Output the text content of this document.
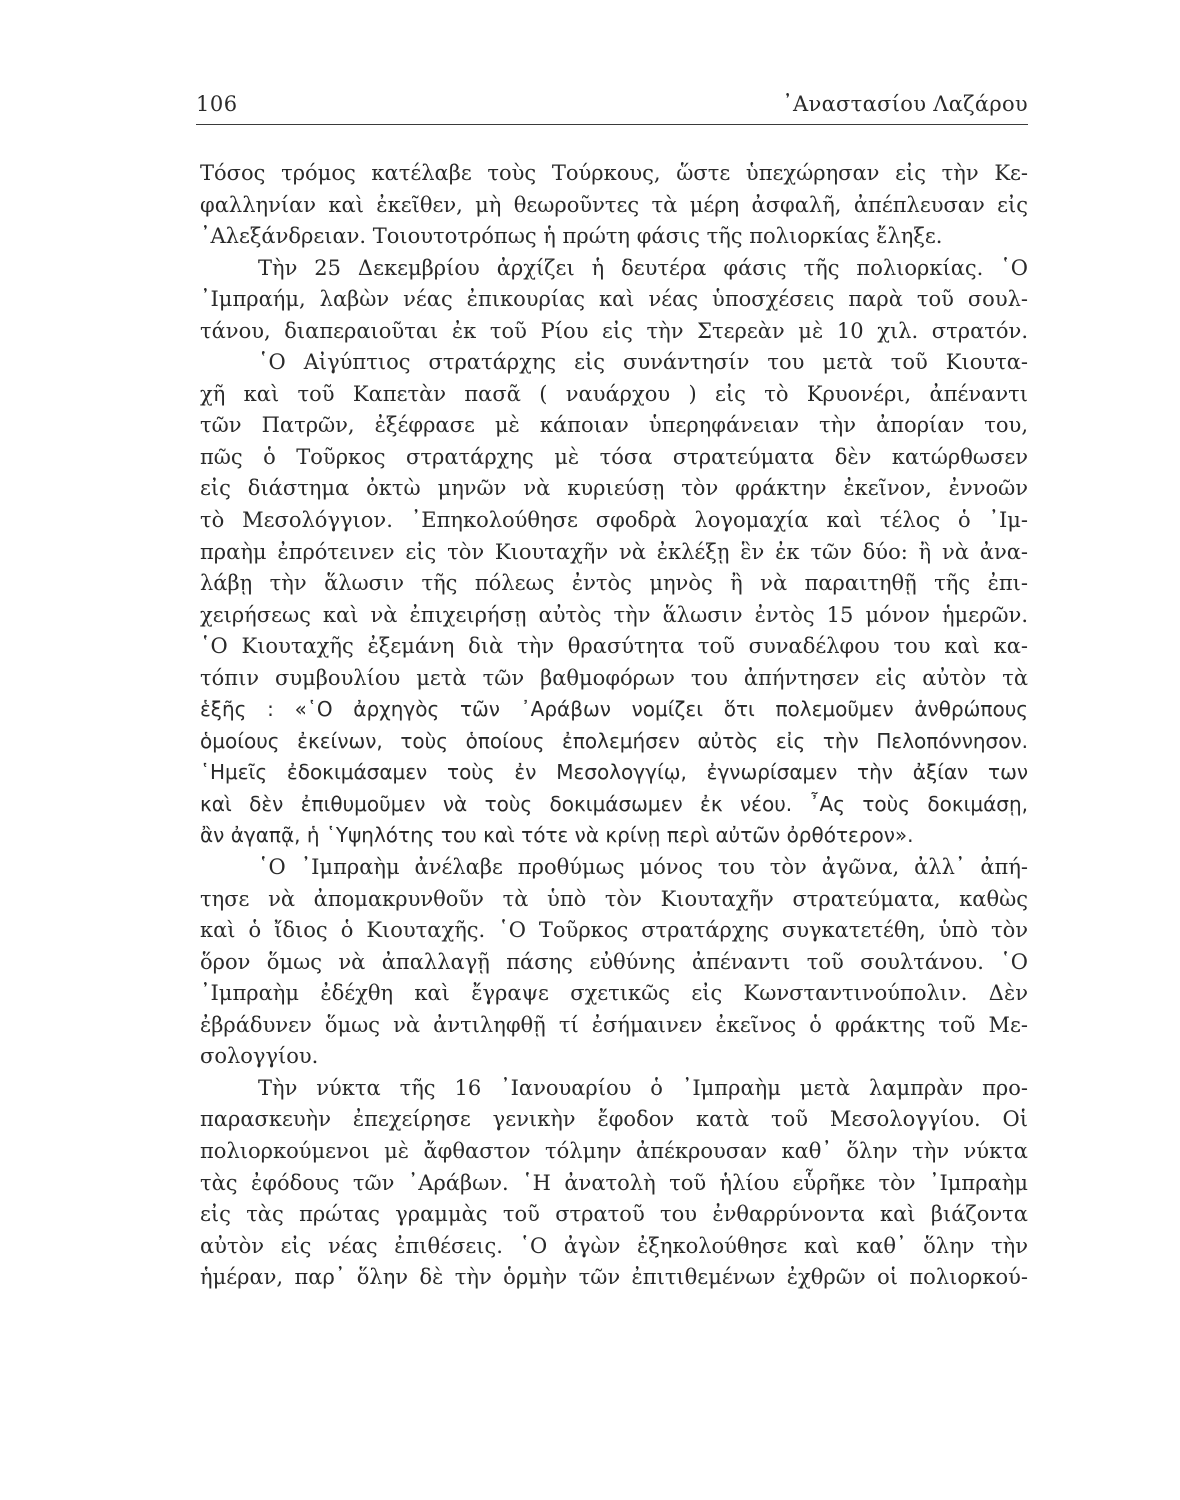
106	᾿Αναστασίου Λαζάρου
Τόσος τρόμος κατέλαβε τοὺς Τούρκους, ὥστε ὑπεχώρησαν εἰς τὴν Κε-
φαλληνίαν καὶ ἐκεῖθεν, μὴ θεωροῦντες τὰ μέρη ἀσφαλῆ, ἀπέπλευσαν εἰς
᾿Αλεξάνδρειαν. Τοιουτοτρόπως ἡ πρώτη φάσις τῆς πολιορκίας ἔληξε.
Τὴν 25 Δεκεμβρίου ἀρχίζει ἡ δευτέρα φάσις τῆς πολιορκίας. ῾Ο
᾿Ιμπραήμ, λαβὼν νέας ἐπικουρίας καὶ νέας ὑποσχέσεις παρὰ τοῦ σουλ-
τάνου, διαπεραιοῦται ἐκ τοῦ Ρίου εἰς τὴν Στερεὰν μὲ 10 χιλ. στρατόν.
῾Ο Αἰγύπτιος στρατάρχης εἰς συνάντησίν του μετὰ τοῦ Κιουτα-
χῆ καὶ τοῦ Καπετὰν πασᾶ ( ναυάρχου ) εἰς τὸ Κρυονέρι, ἀπέναντι
τῶν Πατρῶν, ἐξέφρασε μὲ κάποιαν ὑπερηφάνειαν τὴν ἀπορίαν του,
πῶς ὁ Τοῦρκος στρατάρχης μὲ τόσα στρατεύματα δὲν κατώρθωσεν
εἰς διάστημα ὀκτὼ μηνῶν νὰ κυριεύσῃ τὸν φράκτην ἐκεῖνον, ἐννοῶν
τὸ Μεσολόγγιον. ᾿Επηκολούθησε σφοδρὰ λογομαχία καὶ τέλος ὁ ᾿Ιμ-
πραὴμ ἐπρότεινεν εἰς τὸν Κιουταχῆν νὰ ἐκλέξῃ ἓν ἐκ τῶν δύο: ἢ νὰ ἀνα-
λάβῃ τὴν ἅλωσιν τῆς πόλεως ἐντὸς μηνὸς ἢ νὰ παραιτηθῇ τῆς ἐπι-
χειρήσεως καὶ νὰ ἐπιχειρήσῃ αὐτὸς τὴν ἅλωσιν ἐντὸς 15 μόνον ἡμερῶν.
῾Ο Κιουταχῆς ἐξεμάνη διὰ τὴν θρασύτητα τοῦ συναδέλφου του καὶ κα-
τόπιν συμβουλίου μετὰ τῶν βαθμοφόρων του ἀπήντησεν εἰς αὐτὸν τὰ
ἑξῆς : «῾Ο ἀρχηγὸς τῶν ᾿Αράβων νομίζει ὅτι πολεμοῦμεν ἀνθρώπους
ὁμοίους ἐκείνων, τοὺς ὁποίους ἐπολεμήσεν αὐτὸς εἰς τὴν Πελοπόννησον.
῾Ημεῖς ἐδοκιμάσαμεν τοὺς ἐν Μεσολογγίῳ, ἐγνωρίσαμεν τὴν ἀξίαν των
καὶ δὲν ἐπιθυμοῦμεν νὰ τοὺς δοκιμάσωμεν ἐκ νέου. ῏Ας τοὺς δοκιμάσῃ,
ἂν ἀγαπᾷ, ἡ ῾Υψηλότης του καὶ τότε νὰ κρίνῃ περὶ αὐτῶν ὀρθότερον».
῾Ο ᾿Ιμπραὴμ ἀνέλαβε προθύμως μόνος του τὸν ἀγῶνα, ἀλλ᾿ ἀπή-
τησε νὰ ἀπομακρυνθοῦν τὰ ὑπὸ τὸν Κιουταχῆν στρατεύματα, καθὼς
καὶ ὁ ἴδιος ὁ Κιουταχῆς. ῾Ο Τοῦρκος στρατάρχης συγκατετέθη, ὑπὸ τὸν
ὅρον ὅμως νὰ ἀπαλλαγῇ πάσης εὐθύνης ἀπέναντι τοῦ σουλτάνου. ῾Ο
᾿Ιμπραὴμ ἐδέχθη καὶ ἔγραψε σχετικῶς εἰς Κωνσταντινούπολιν. Δὲν
ἐβράδυνεν ὅμως νὰ ἀντιληφθῇ τί ἐσήμαινεν ἐκεῖνος ὁ φράκτης τοῦ Με-
σολογγίου.
Τὴν νύκτα τῆς 16 ᾿Ιανουαρίου ὁ ᾿Ιμπραὴμ μετὰ λαμπρὰν προ-
παρασκευὴν ἐπεχείρησε γενικὴν ἔφοδον κατὰ τοῦ Μεσολογγίου. Οἱ
πολιορκούμενοι μὲ ἄφθαστον τόλμην ἀπέκρουσαν καθ᾿ ὅλην τὴν νύκτα
τὰς ἐφόδους τῶν ᾿Αράβων. ῾Η ἀνατολὴ τοῦ ἡλίου εὗρῆκε τὸν ᾿Ιμπραὴμ
εἰς τὰς πρώτας γραμμὰς τοῦ στρατοῦ του ἐνθαρρύνοντα καὶ βιάζοντα
αὐτὸν εἰς νέας ἐπιθέσεις. ῾Ο ἀγὼν ἐξηκολούθησε καὶ καθ᾿ ὅλην τὴν
ἡμέραν, παρ᾿ ὅλην δὲ τὴν ὁρμὴν τῶν ἐπιτιθεμένων ἐχθρῶν οἱ πολιορκού-
